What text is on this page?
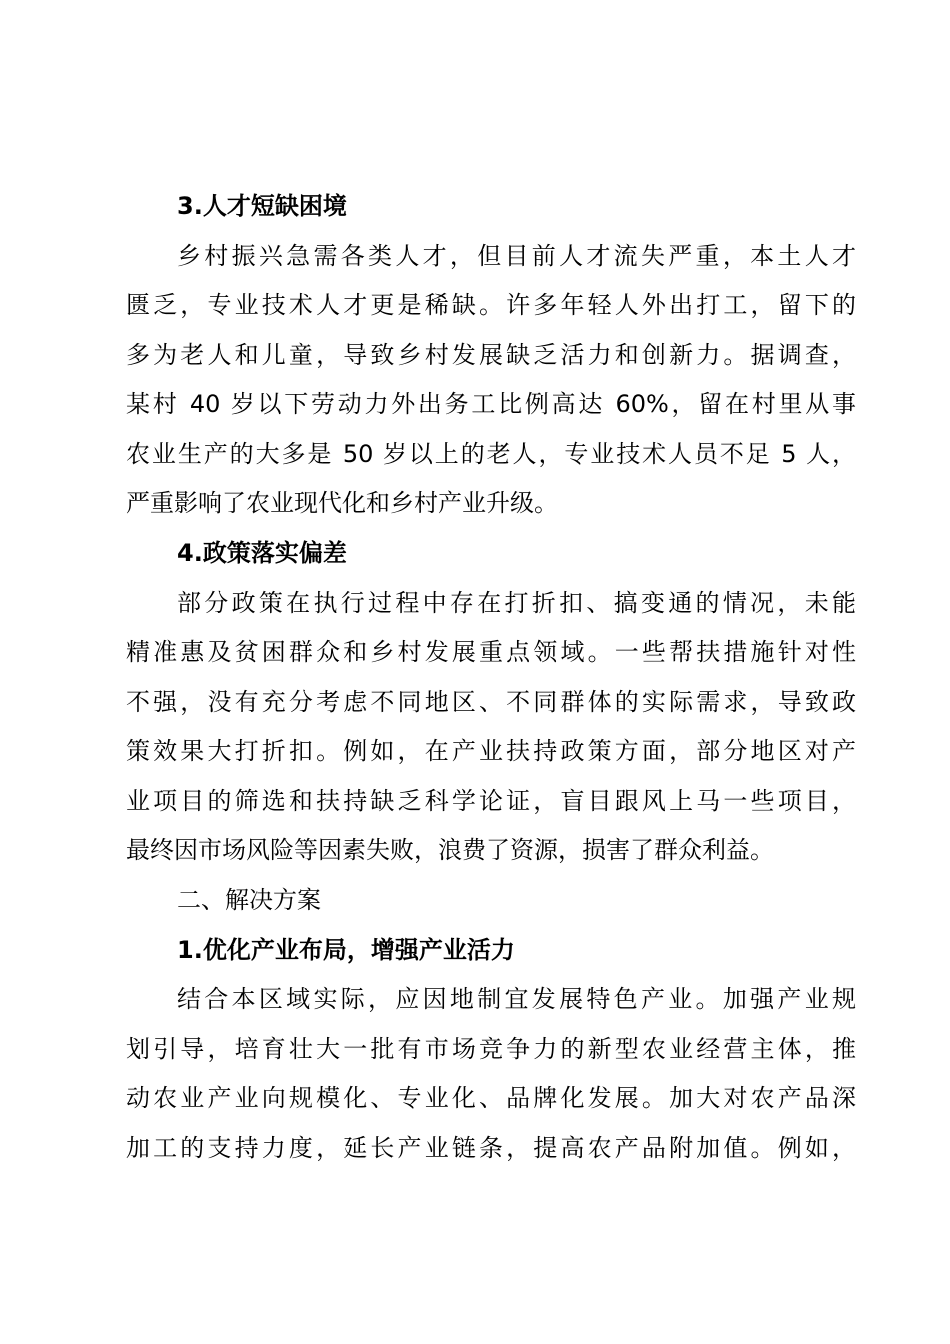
3.人才短缺困境
乡村振兴急需各类人才，但目前人才流失严重，本土人才
匮乏，专业技术人才更是稀缺。许多年轻人外出打工，留下的
多为老人和儿童，导致乡村发展缺乏活力和创新力。据调查，
某村 40 岁以下劳动力外出务工比例高达 60%，留在村里从事
农业生产的大多是 50 岁以上的老人，专业技术人员不足 5 人，
严重影响了农业现代化和乡村产业升级。
4.政策落实偏差
部分政策在执行过程中存在打折扣、搞变通的情况，未能
精准惠及贫困群众和乡村发展重点领域。一些帮扶措施针对性
不强，没有充分考虑不同地区、不同群体的实际需求，导致政
策效果大打折扣。例如，在产业扶持政策方面，部分地区对产
业项目的筛选和扶持缺乏科学论证，盲目跟风上马一些项目，
最终因市场风险等因素失败，浪费了资源，损害了群众利益。
二、解决方案
1.优化产业布局，增强产业活力
结合本区域实际，应因地制宜发展特色产业。加强产业规
划引导，培育壮大一批有市场竞争力的新型农业经营主体，推
动农业产业向规模化、专业化、品牌化发展。加大对农产品深
加工的支持力度，延长产业链条，提高农产品附加值。例如，
